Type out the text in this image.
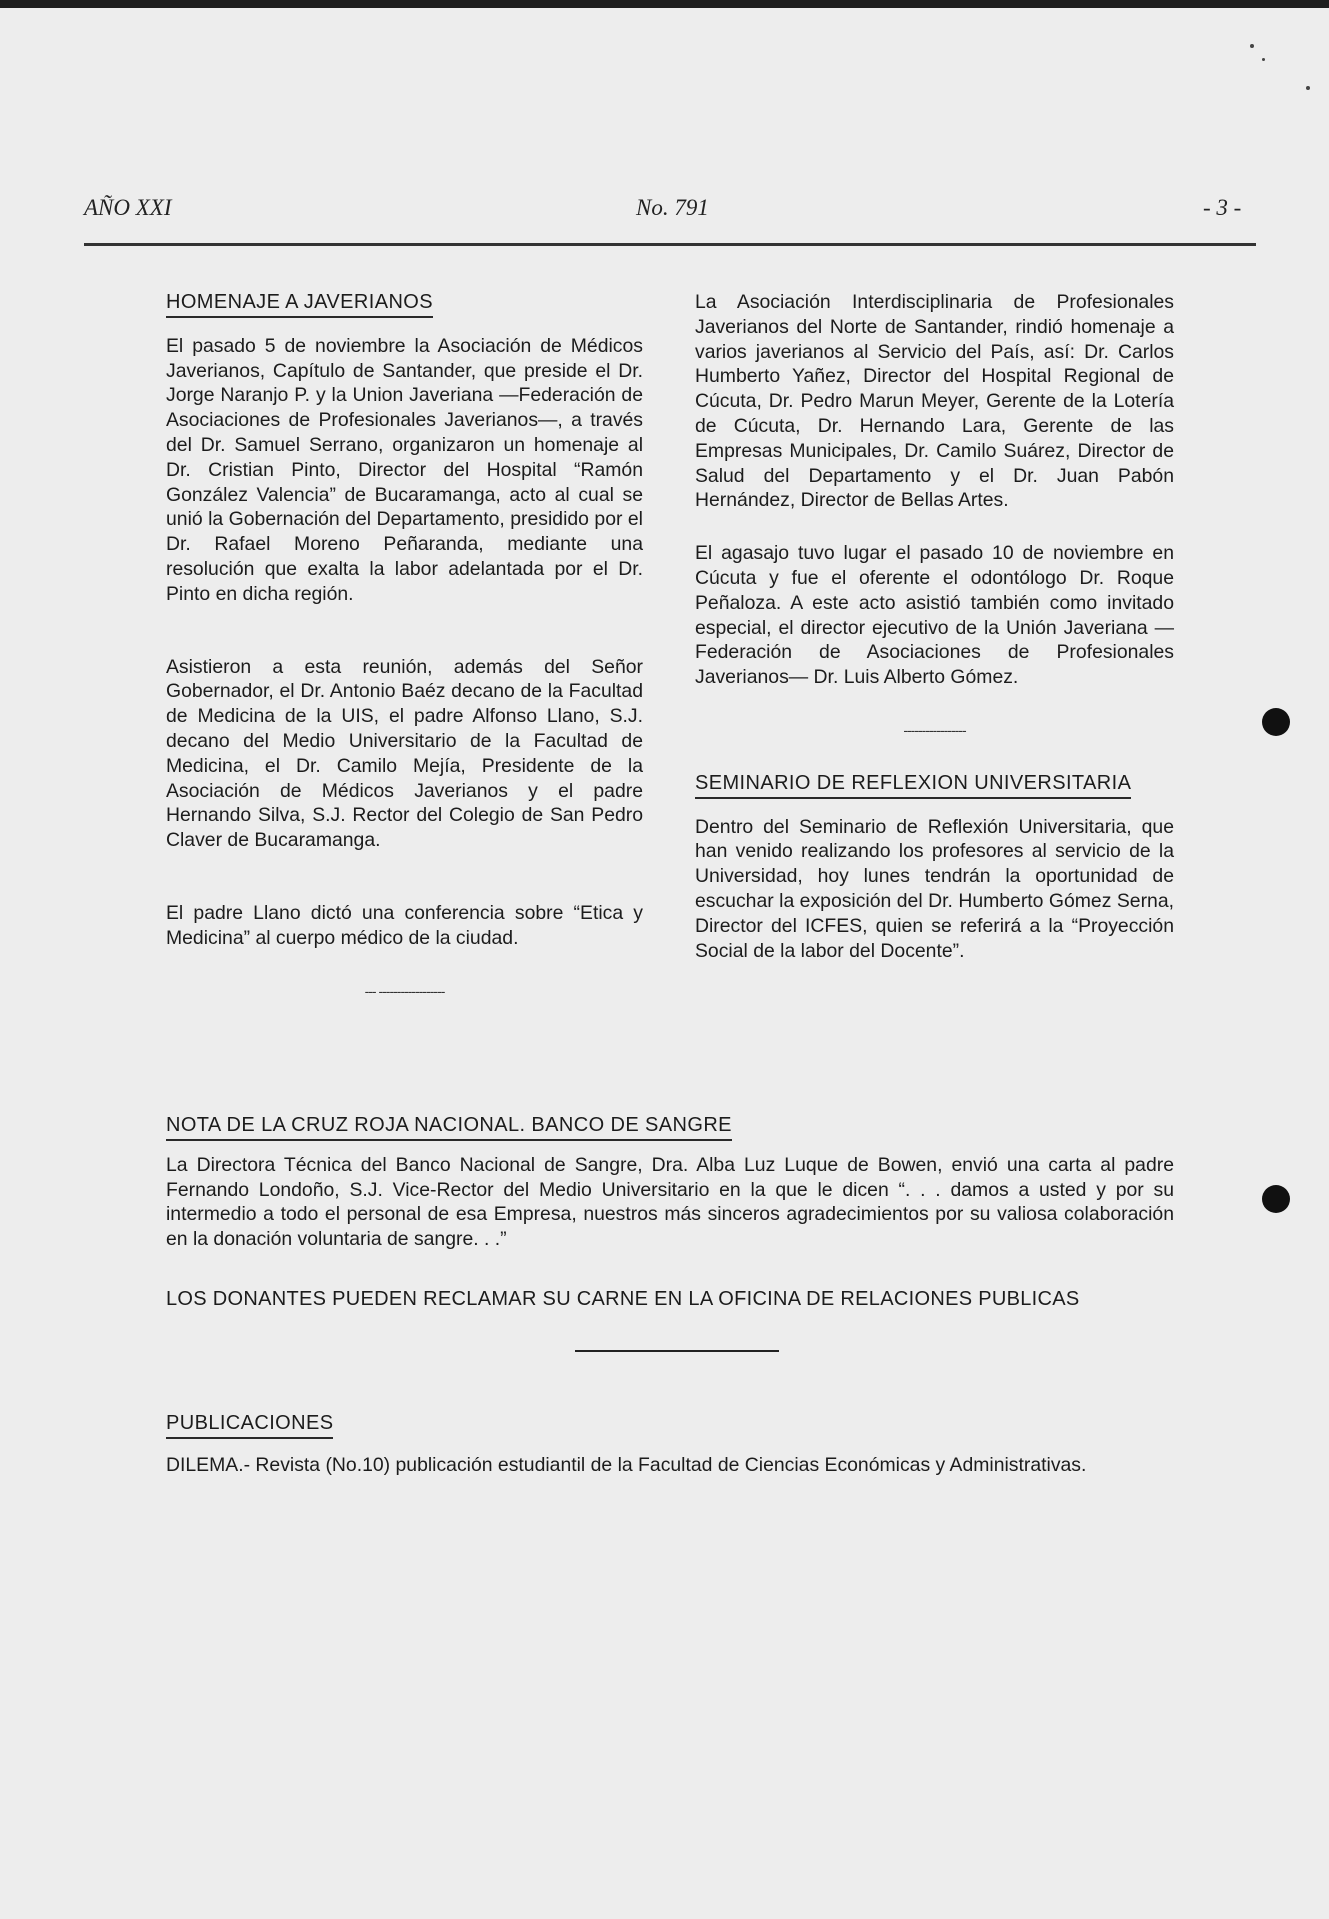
AÑO XXI	No. 791	- 3 -
HOMENAJE A JAVERIANOS

El pasado 5 de noviembre la Asociación de Médicos Javerianos, Capítulo de Santander, que preside el Dr. Jorge Naranjo P. y la Union Javeriana —Federación de Asociaciones de Profesionales Javerianos—, a través del Dr. Samuel Serrano, organizaron un homenaje al Dr. Cristian Pinto, Director del Hospital “Ramón González Valencia” de Bucaramanga, acto al cual se unió la Gobernación del Departamento, presidido por el Dr. Rafael Moreno Peñaranda, mediante una resolución que exalta la labor adelantada por el Dr. Pinto en dicha región.

Asistieron a esta reunión, además del Señor Gobernador, el Dr. Antonio Baéz decano de la Facultad de Medicina de la UIS, el padre Alfonso Llano, S.J. decano del Medio Universitario de la Facultad de Medicina, el Dr. Camilo Mejía, Presidente de la Asociación de Médicos Javerianos y el padre Hernando Silva, S.J. Rector del Colegio de San Pedro Claver de Bucaramanga.

El padre Llano dictó una conferencia sobre “Etica y Medicina” al cuerpo médico de la ciudad.

--- ------------------

La Asociación Interdisciplinaria de Profesionales Javerianos del Norte de Santander, rindió homenaje a varios javerianos al Servicio del País, así: Dr. Carlos Humberto Yañez, Director del Hospital Regional de Cúcuta, Dr. Pedro Marun Meyer, Gerente de la Lotería de Cúcuta, Dr. Hernando Lara, Gerente de las Empresas Municipales, Dr. Camilo Suárez, Director de Salud del Departamento y el Dr. Juan Pabón Hernández, Director de Bellas Artes.

El agasajo tuvo lugar el pasado 10 de noviembre en Cúcuta y fue el oferente el odontólogo Dr. Roque Peñaloza. A este acto asistió también como invitado especial, el director ejecutivo de la Unión Javeriana —Federación de Asociaciones de Profesionales Javerianos— Dr. Luis Alberto Gómez.

-----------------
SEMINARIO DE REFLEXION UNIVERSITARIA

Dentro del Seminario de Reflexión Universitaria, que han venido realizando los profesores al servicio de la Universidad, hoy lunes tendrán la oportunidad de escuchar la exposición del Dr. Humberto Gómez Serna, Director del ICFES, quien se referirá a la “Proyección Social de la labor del Docente”.

NOTA DE LA CRUZ ROJA NACIONAL. BANCO DE SANGRE

La Directora Técnica del Banco Nacional de Sangre, Dra. Alba Luz Luque de Bowen, envió una carta al padre Fernando Londoño, S.J. Vice-Rector del Medio Universitario en la que le dicen “. . . damos a usted y por su intermedio a todo el personal de esa Empresa, nuestros más sinceros agradecimientos por su valiosa colaboración en la donación voluntaria de sangre. . .”

LOS DONANTES PUEDEN RECLAMAR SU CARNE EN LA OFICINA DE RELACIONES PUBLICAS
PUBLICACIONES

DILEMA.- Revista (No.10) publicación estudiantil de la Facultad de Ciencias Económicas y Administrativas.
